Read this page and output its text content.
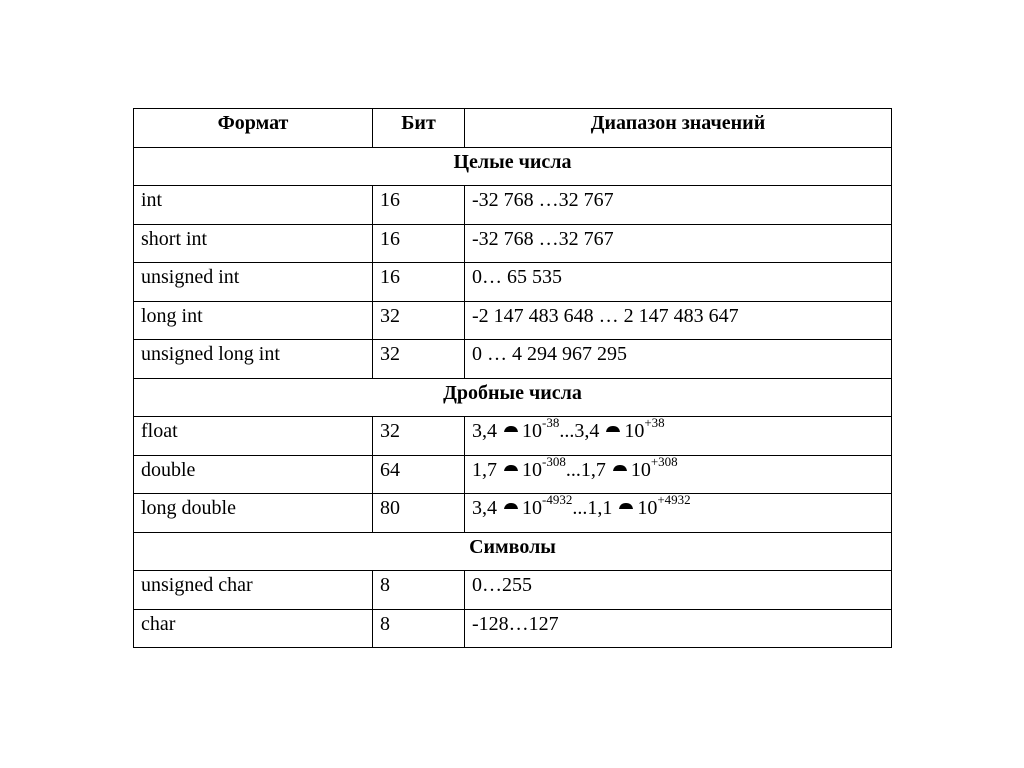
Формат	Бит	Диапазон значений
Целые числа		
int	16	-32 768 …32 767
short int	16	-32 768 …32 767
unsigned int	16	0… 65 535
long int	32	-2 147 483 648 … 2 147 483 647
unsigned long int	32	0 … 4 294 967 295
Дробные числа		
float	32	3,4 $10^{-38}...3,4$ $10^{+38}$
double	64	1,7 $10^{-308}...1,7$ $10^{+308}$
long double	80	3,4 $10^{-4932}...1,1$ $10^{+4932}$
Символы		
unsigned char	8	0…255
char	8	-128…127
